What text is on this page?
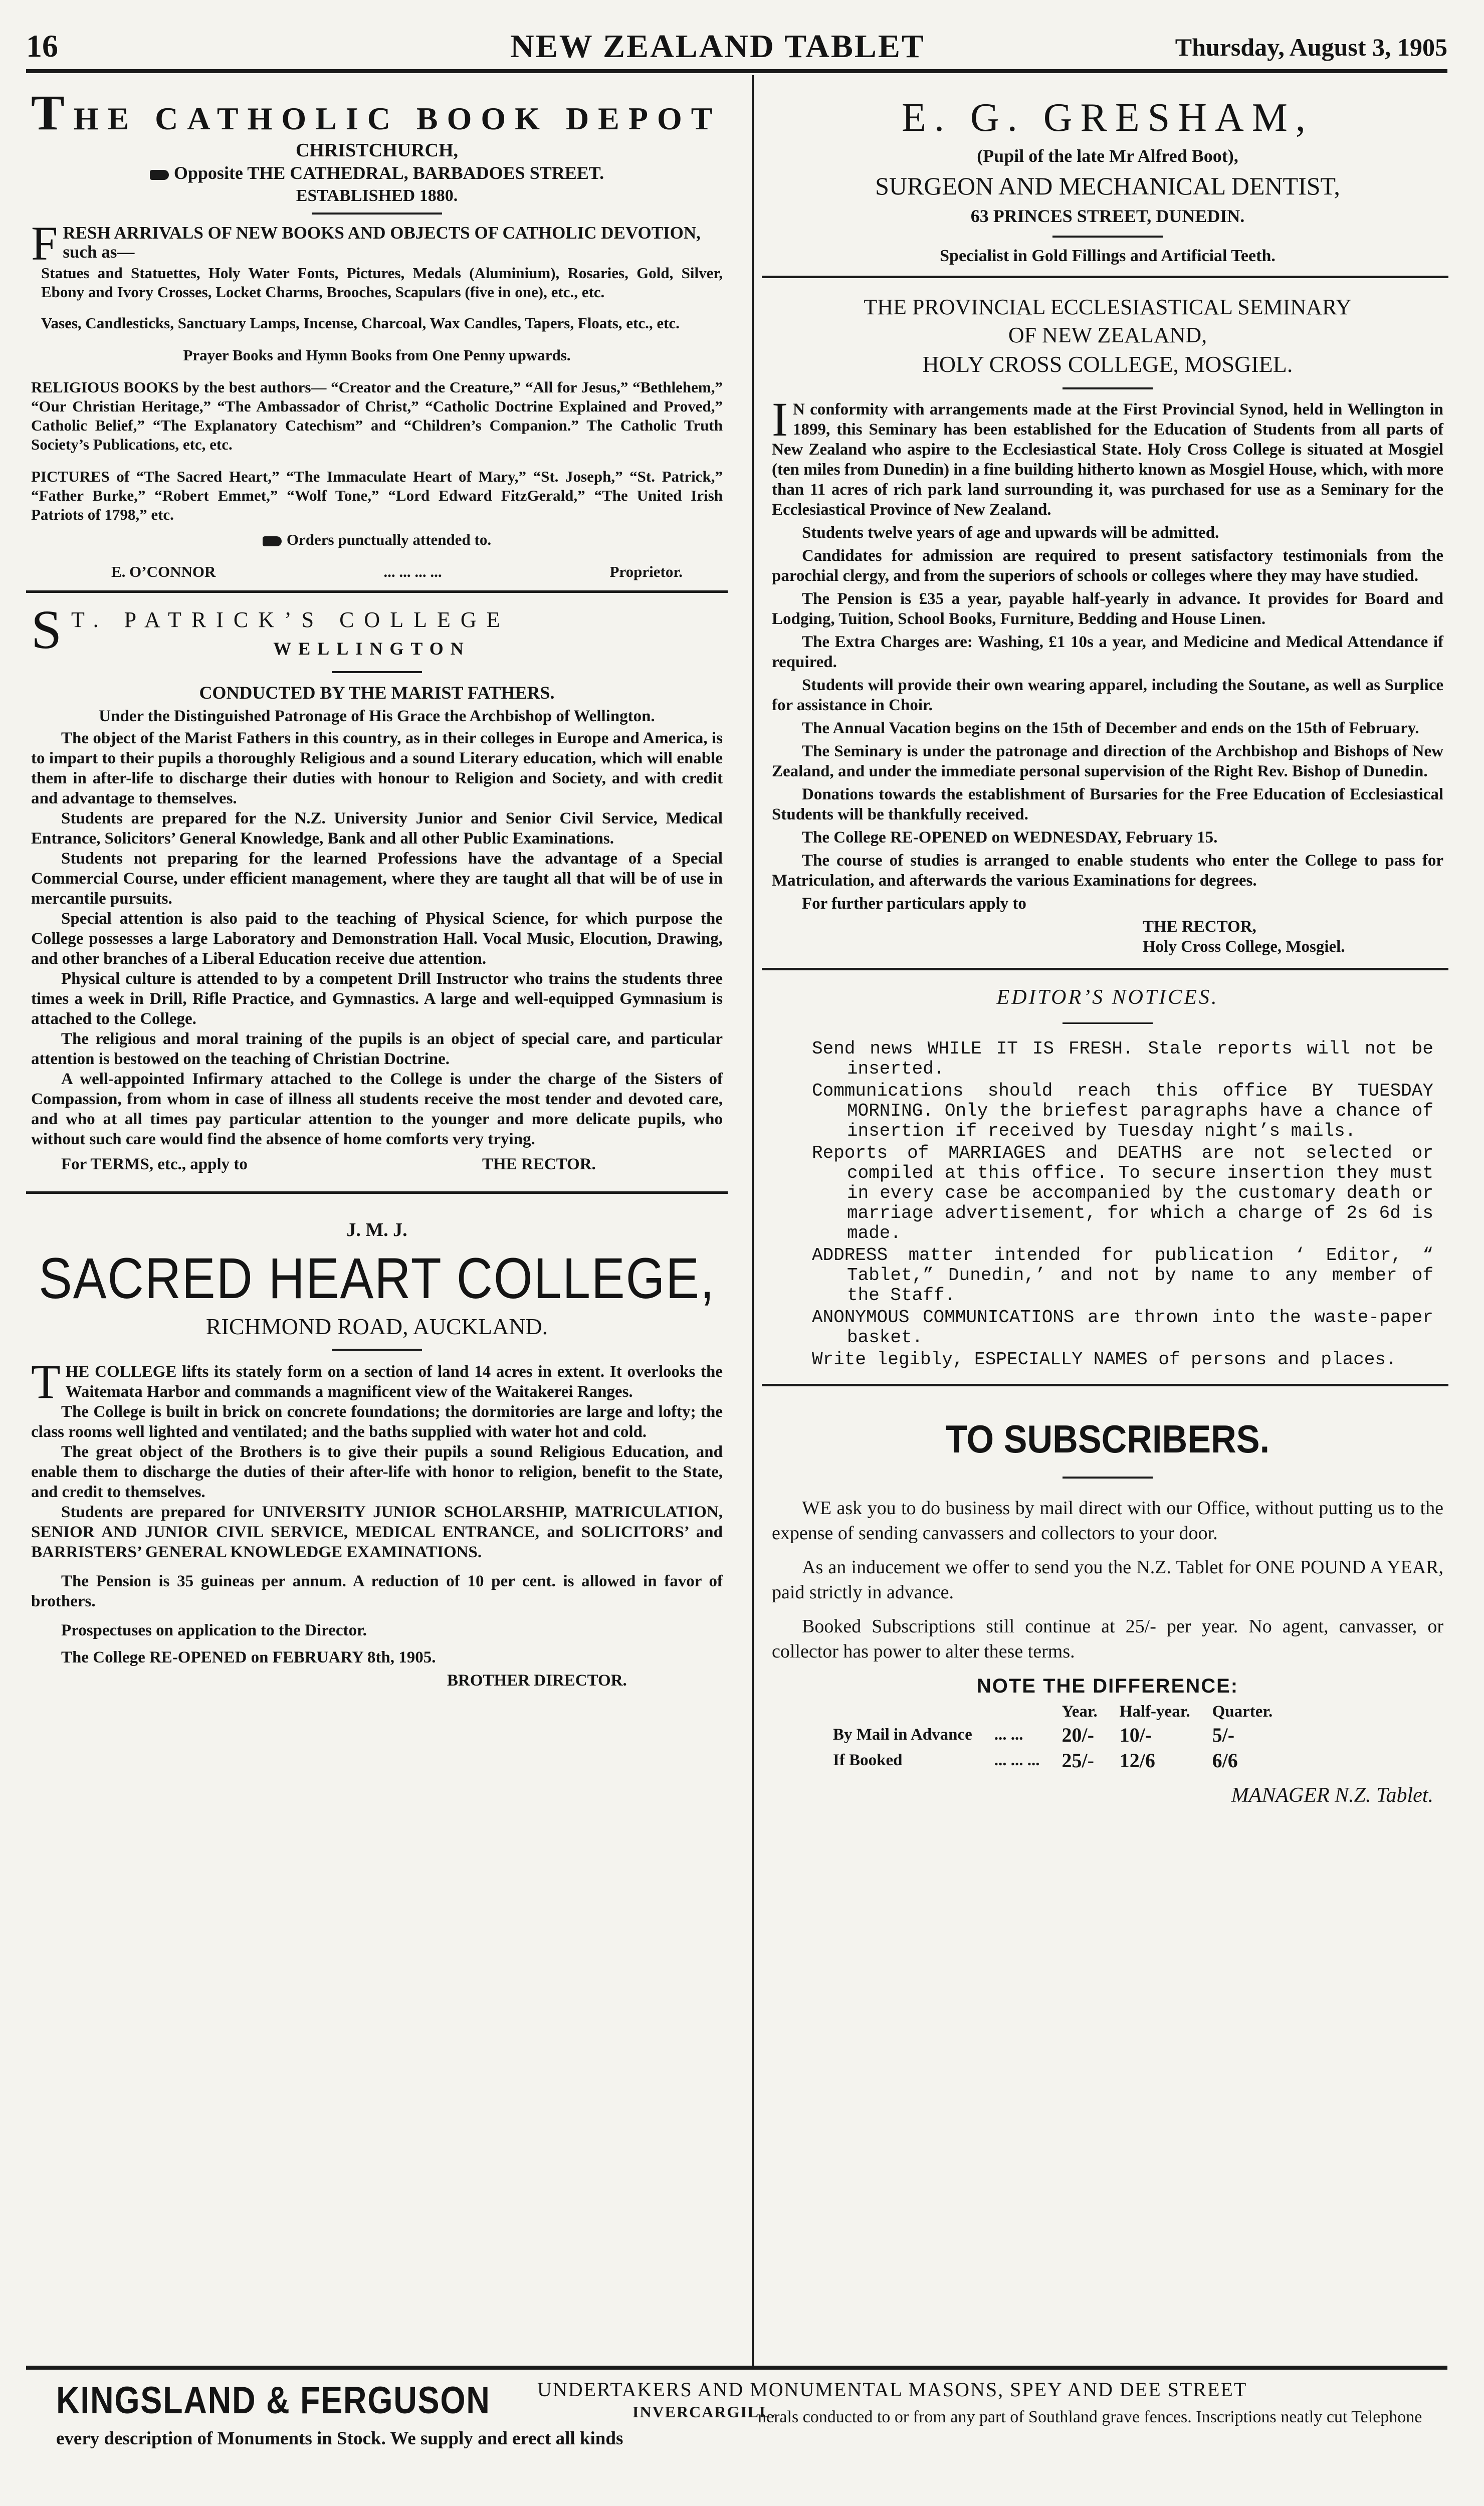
16	NEW ZEALAND TABLET	Thursday, August 3, 1905
THE CATHOLIC BOOK DEPOT
CHRISTCHURCH,
Opposite THE CATHEDRAL, BARBADOES STREET.
ESTABLISHED 1880.

FRESH ARRIVALS OF NEW BOOKS AND OBJECTS OF CATHOLIC DEVOTION, such as—

Statues and Statuettes, Holy Water Fonts, Pictures, Medals (Aluminium), Rosaries, Gold, Silver, Ebony and Ivory Crosses, Locket Charms, Brooches, Scapulars (five in one), etc., etc.

Vases, Candlesticks, Sanctuary Lamps, Incense, Charcoal, Wax Candles, Tapers, Floats, etc., etc.

Prayer Books and Hymn Books from One Penny upwards.

RELIGIOUS BOOKS by the best authors— “Creator and the Creature,” “All for Jesus,” “Bethlehem,” “Our Christian Heritage,” “The Ambassador of Christ,” “Catholic Doctrine Explained and Proved,” Catholic Belief,” “The Explanatory Catechism” and “Children’s Companion.” The Catholic Truth Society’s Publications, etc, etc.

PICTURES of “The Sacred Heart,” “The Immaculate Heart of Mary,” “St. Joseph,” “St. Patrick,” “Father Burke,” “Robert Emmet,” “Wolf Tone,” “Lord Edward FitzGerald,” “The United Irish Patriots of 1798,” etc.

Orders punctually attended to.

E. O’CONNOR	... ... ... ...	Proprietor.
S T. PATRICK’S COLLEGE
WELLINGTON

CONDUCTED BY THE MARIST FATHERS.

Under the Distinguished Patronage of His Grace the Archbishop of Wellington.

The object of the Marist Fathers in this country, as in their colleges in Europe and America, is to impart to their pupils a thoroughly Religious and a sound Literary education, which will enable them in after-life to discharge their duties with honour to Religion and Society, and with credit and advantage to themselves.

Students are prepared for the N.Z. University Junior and Senior Civil Service, Medical Entrance, Solicitors’ General Knowledge, Bank and all other Public Examinations.

Students not preparing for the learned Professions have the advantage of a Special Commercial Course, under efficient management, where they are taught all that will be of use in mercantile pursuits.

Special attention is also paid to the teaching of Physical Science, for which purpose the College possesses a large Laboratory and Demonstration Hall. Vocal Music, Elocution, Drawing, and other branches of a Liberal Education receive due attention.

Physical culture is attended to by a competent Drill Instructor who trains the students three times a week in Drill, Rifle Practice, and Gymnastics. A large and well-equipped Gymnasium is attached to the College.

The religious and moral training of the pupils is an object of special care, and particular attention is bestowed on the teaching of Christian Doctrine.

A well-appointed Infirmary attached to the College is under the charge of the Sisters of Compassion, from whom in case of illness all students receive the most tender and devoted care, and who at all times pay particular attention to the younger and more delicate pupils, who without such care would find the absence of home comforts very trying.

For TERMS, etc., apply to	THE RECTOR.
J. M. J.
SACRED HEART COLLEGE,
RICHMOND ROAD, AUCKLAND.

THE COLLEGE lifts its stately form on a section of land 14 acres in extent. It overlooks the Waitemata Harbor and commands a magnificent view of the Waitakerei Ranges.

The College is built in brick on concrete foundations; the dormitories are large and lofty; the class rooms well lighted and ventilated; and the baths supplied with water hot and cold.

The great object of the Brothers is to give their pupils a sound Religious Education, and enable them to discharge the duties of their after-life with honor to religion, benefit to the State, and credit to themselves.

Students are prepared for UNIVERSITY JUNIOR SCHOLARSHIP, MATRICULATION, SENIOR AND JUNIOR CIVIL SERVICE, MEDICAL ENTRANCE, and SOLICITORS’ and BARRISTERS’ GENERAL KNOWLEDGE EXAMINATIONS.

The Pension is 35 guineas per annum. A reduction of 10 per cent. is allowed in favor of brothers.

Prospectuses on application to the Director.

The College RE-OPENED on FEBRUARY 8th, 1905.

BROTHER DIRECTOR.

E. G. GRESHAM,
(Pupil of the late Mr Alfred Boot),
SURGEON AND MECHANICAL DENTIST,
63 PRINCES STREET, DUNEDIN.
Specialist in Gold Fillings and Artificial Teeth.
THE PROVINCIAL ECCLESIASTICAL SEMINARY
OF NEW ZEALAND,
HOLY CROSS COLLEGE, MOSGIEL.

I N conformity with arrangements made at the First Provincial Synod, held in Wellington in 1899, this Seminary has been established for the Education of Students from all parts of New Zealand who aspire to the Ecclesiastical State. Holy Cross College is situated at Mosgiel (ten miles from Dunedin) in a fine building hitherto known as Mosgiel House, which, with more than 11 acres of rich park land surrounding it, was purchased for use as a Seminary for the Ecclesiastical Province of New Zealand.

Students twelve years of age and upwards will be admitted.

Candidates for admission are required to present satisfactory testimonials from the parochial clergy, and from the superiors of schools or colleges where they may have studied.

The Pension is £35 a year, payable half-yearly in advance. It provides for Board and Lodging, Tuition, School Books, Furniture, Bedding and House Linen.

The Extra Charges are: Washing, £1 10s a year, and Medicine and Medical Attendance if required.

Students will provide their own wearing apparel, including the Soutane, as well as Surplice for assistance in Choir.

The Annual Vacation begins on the 15th of December and ends on the 15th of February.

The Seminary is under the patronage and direction of the Archbishop and Bishops of New Zealand, and under the immediate personal supervision of the Right Rev. Bishop of Dunedin.

Donations towards the establishment of Bursaries for the Free Education of Ecclesiastical Students will be thankfully received.

The College RE-OPENED on WEDNESDAY, February 15.

The course of studies is arranged to enable students who enter the College to pass for Matriculation, and afterwards the various Examinations for degrees.

For further particulars apply to

THE RECTOR,

Holy Cross College, Mosgiel.

EDITOR’S NOTICES.

Send news WHILE IT IS FRESH. Stale reports will not be inserted.

Communications should reach this office BY TUESDAY MORNING. Only the briefest paragraphs have a chance of insertion if received by Tuesday night’s mails.

Reports of MARRIAGES and DEATHS are not selected or compiled at this office. To secure insertion they must in every case be accompanied by the customary death or marriage advertisement, for which a charge of 2s 6d is made.

ADDRESS matter intended for publication ‘ Editor, “ Tablet,” Dunedin,’ and not by name to any member of the Staff.

ANONYMOUS COMMUNICATIONS are thrown into the waste-paper basket.

Write legibly, ESPECIALLY NAMES of persons and places.

TO SUBSCRIBERS.

WE ask you to do business by mail direct with our Office, without putting us to the expense of sending canvassers and collectors to your door.

As an inducement we offer to send you the N.Z. Tablet for ONE POUND A YEAR, paid strictly in advance.

Booked Subscriptions still continue at 25/- per year. No agent, canvasser, or collector has power to alter these terms.

NOTE THE DIFFERENCE:
		Year.	Half-year.	Quarter.
By Mail in Advance	... ...	20/-	10/-	5/-
If Booked	... ... ...	25/-	12/6	6/6

MANAGER N.Z. Tablet.

KINGSLAND & FERGUSON UNDERTAKERS AND MONUMENTAL MASONS, SPEY AND DEE STREET
INVERCARGILL.
every description of Monuments in Stock. We supply and erect all kinds
nerals conducted to or from any part of Southland grave fences. Inscriptions neatly cut Telephone
